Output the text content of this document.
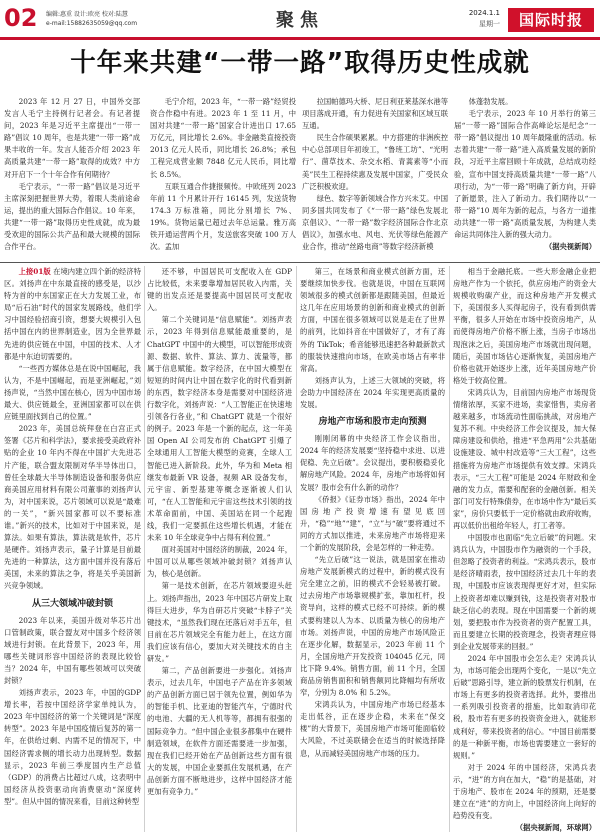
02 编辑:惠重 设计:欧亮 校对:陆慧
e-mail:15882635059@qq.com	聚焦	2024.1.1
星期一	国际时报
十年来共建“一带一路”取得历史性成就

2023 年 12 月 27 日，中国外交部发言人毛宁主持例行记者会。有记者提问，2023 年是习近平主席提出“一带一路”倡议 10 周年，也是共建“一带一路”成果丰收的一年。发言人能否介绍 2023 年高质量共建“一带一路”取得的成效？中方对开启下一个十年合作有何期待？

毛宁表示，“一带一路”倡议是习近平主席深刻把握世界大势，着眼人类前途命运，提出的重大国际合作倡议。10 年来，共建“一带一路”取得历史性成就，成为最受欢迎的国际公共产品和最大规模的国际合作平台。

毛宁介绍，2023 年，“一带一路”经贸投资合作稳中有进。2023 年 1 至 11 月，中国对共建“一带一路”国家合计进出口 17.65 万亿元，同比增长 2.6%。非金融类直接投资 2013 亿元人民币，同比增长 26.8%；承包工程完成营业额 7848 亿元人民币，同比增长 8.5%。

互联互通合作捷报频传。中欧班列 2023 年前 11 个月累计开行 16145 列，发送货物 174.3 万标准箱，同比分别增长 7%、19%。货物运量已超过去年总运量。雅万高铁开通运营两个月，发送旅客突破 100 万人次。孟加

拉国帕德玛大桥、尼日利亚莱基深水港等项目落成开通，有力促进有关国家和区域互联互通。

民生合作硕果累累。中方搭建的非洲疾控中心总部项目年初竣工，“鲁班工坊”、“光明行”、菌草技术、杂交水稻、青蒿素等“小而美”民生工程持续惠及发展中国家，广受民众广泛积极欢迎。

绿色、数字等新领域合作方兴未艾。中国同多国共同发布了《“一带一路”绿色发展北京倡议》、“一带一路”数字经济国际合作北京倡议》，加强水电、风电、光伏等绿色能源产业合作，推动“丝路电商”等数字经济新模

体蓬勃发展。

毛宁表示，2023 年 10 月举行的第三届“一带一路”国际合作高峰论坛是纪念“一带一路”倡议提出 10 周年最隆重的活动。标志着共建“一带一路”进入高质量发展的新阶段，习近平主席回顾十年成就，总结成功经验，宣布中国支持高质量共建“一带一路”八项行动，为“一带一路”明确了新方向，开辟了新愿景，注入了新动力。我们期待以“一带一路”10 周年为新的起点，与各方一道推动共建“一带一路”高质量发展，为构建人类命运共同体注入新的强大动力。

（据央视新闻）

上接01版 在境内建立四个新的经济特区。刘扬声在中东最直接的感受是，以沙特为首的中东国家正在大力发展工业，布局“后石油”时代的国家发展路线，他们学习中国经验招商引资，想要大规模引入包括中国在内的世界制造业，因为全世界最先进的供应链在中国，中国的技术、人才都是中东迫切需要的。

“一些西方媒体总是在说中国崛起，我认为，不是中国崛起，而是亚洲崛起，”刘扬声说，“当然中国在核心，因为中国市场最大、供应链最全，亚洲国家都可以在供应链里面找到自己的位置。”

2023 年，美国总统拜登在白宫正式签署《芯片和科学法》，要求接受美政府补贴的企业 10 年内不得在中国扩大先进芯片产能，联合盟友限制对华半导体出口，曾任全球最大半导体制造设备和服务供应商美国应用材料有限公司董事的刘扬声认为，对中国来说，芯片领域可以说是“最难的一关”，“新兴国家都可以不要标准谁。”新兴的技术，比如对于中国来说，是算法。如果有算法，算法就是软件，芯片是硬件。刘扬声表示，量子计算是目前最先进的一种算法，这方面中国并没有落后美国，未来的算法之争，将是关乎美国新兴竞争领域。

从三大领域冲破封锁

2023 年以来，美国升级对华芯片出口管制政策，联合盟友对中国多个经济领域进行封锁。在此背景下，2023 年，用哪些关键词形容中国经济的表现比较恰当？2024 年，中国有哪些领域可以突破封锁？

刘扬声表示，2023 年，中国的GDP 增长率，若按中国经济学家单纯认为，2023 年中国经济的第一个关键词是“深度转型”。2023 年是中国疫情后复苏的第一年，在供给过剩、内需不足的情况下，中国经济需求侧的增长动力出现转型。数据显示，2023 年前三季度国内生产总值（GDP）的消费占比超过八成，这表明中国经济从投资驱动向消费驱动“深度转型”。但从中国的情况来看，目前这种转型

还不够，中国居民可支配收入在 GDP 占比较低，未来要靠增加居民收入内需，关键的出发点还是要提高中国居民可支配收入。

第二个关键词是“信息赋能”。刘扬声表示，2023 年得到信息赋能最重要的，是 ChatGPT 中国中的大模型，可以智能形成资源、数据、软件、算法、算力、流量等，都属于信息赋能。数字经济，在中国大模型在短短的时间内让中国在数字化的时代看到新的东西，数字经济本身是需要对中国经济进行数字化，刘扬声说：“人工智能正在快速地引领各行各业，”和 ChatGPT 就是一个很好的例子。2023 年是一个新的起点，这一年美国 Open AI 公司发布的 ChatGPT 引爆了全球通用人工智能大模型的竞赛，全球人工智能已进入新阶段。此外，华为和 Meta 相继发布最新 VR 设备，视频 AR 设备发布，元宇宙、新型基建等概念逐渐被人们认可，“在人工智能和元宇宙这些技术引领的技术革命面前，中国、美国站在同一个起跑线，我们一定要抓住这些增长机遇，才能在未来 10 年全球竞争中占得有利位置。”

面对美国对中国经济的制裁，2024 年，中国可以从哪些领域冲破封锁？刘扬声认为，核心是创新。

第一是技术创新，在芯片领域要迎头赶上。刘扬声指出，2023 年中国芯片研发上取得巨大进步，华为自研芯片突破“卡脖子”关键技术，“虽然我们现在还落后对手五年，但目前在芯片领域完全有能力赶上，在这方面我们应该有信心，要加大对关键技术的自主研发。”

第二，产品创新要进一步强化。刘扬声表示，过去几年，中国电子产品在许多领域的产品创新方面已居于领先位置，例如华为的智能手机、比亚迪的智能汽车，宁德时代的电池、大疆的无人机等等，都拥有很强的国际竞争力。“但中国企业很多都集中在硬件制造领域，在软件方面还需要进一步加强，现在我们已经开始在产品创新这些方面有很大的发展，中国企业要抓住发展机遇，在产品创新方面不断地进步，这样中国经济才能更加有竞争力。”

第三，在场景和商业模式创新方面，还要继续加快步伐。也就是说，中国在互联网领域很多的模式创新都是跟随美国，但最近这几年在应用场景的创新和商业模式的创新方面，中国在很多领域可以说是走在了世界的前列，比如抖音在中国做好了，才有了海外的 TikTok；希音能够迅速把各种最新款式的服装快速推向市场，在欧美市场占有率非常高。

刘扬声认为，上述三大领域的突破，将会助力中国经济在 2024 年实现更高质量的发展。

房地产市场和股市走向预测

刚刚闭幕的中央经济工作会议指出，2024 年的经济发展要“坚持稳中求进、以进促稳、先立后破”。会议提出，要积极稳妥化解房地产风险。2024 年，房地产市场将如何发展？股市会有什么新的动作？

《侨报》《证券市场》指出，2024 年中国房地产投资增速有望见底回升，“稳”“地”“建”，“立”与“破”要将通过不同的方式加以推进，未来房地产市场将迎来一个新的发展阶段，会是怎样的一种走势。

“先立后破”这一说法，就是国家在推动房地产发展新模式的过程中，新的模式没有完全建立之前，旧的模式不会轻易被打破。过去房地产市场靠规模扩张，靠加杠杆，投资导向，这样的模式已经不可持续。新的模式要构建以人为本、以质量为核心的房地产市场。刘扬声说，中国的房地产市场风险正在逐步化解，数据显示，2023 年前 11 个月，全国房地产开发投资 104045 亿元，同比下降 9.4%。销售方面，前 11 个月，全国商品房销售面积和销售额同比降幅均有所收窄，分别为 8.0% 和 5.2%。

宋鸿兵认为，中国房地产市场已经基本走出低谷，正在逐步企稳，未来在“保交楼”的大背景下，美国房地产市场可能面临较大风险，不过美联储会在适当的时候选择降息，从而减轻美国房地产市场的压力。

相当于金融托底。一些大形金融企业把房地产作为一个依托，供应房地产的资金大规模收购碳产业，而这种房地产开发模式下，美国很多人买得起房子，没有看到供需平衡，很多人开始在市场中投资房地产，从而使得房地产价格不断上涨，当房子市场出现泡沫之后，美国房地产市场就出现问题，随后，美国市场估心逐渐恢复，美国房地产价格也就开始逐步上涨，近年美国房地产价格处于较高位置。

宋鸿兵认为，目前国内房地产市场现货情绪浓厚，买家不进场，卖家惜售，卖房者越来越多，市场流动性面临挑战，对房地产复苏不利。中央经济工作会议提及，加大保障房建设和供给，推进“平急两用”公共基础设施建设、城中村改造等“三大工程”，这些措施将为房地产市场提供有效支撑。宋鸿兵表示，“三大工程”可能是 2024 年财政和金融的发力点，需要和配套的金融创新。相关部门可发行特殊债券，在市场中作为“最后买家”，房价只要低于一定价格就由政府收购，再以低价出租给年轻人，打工者等。

中国股市也面临“先立后破”的问题。宋鸿兵认为，中国股市作为融资的一个手段，但忽略了投资者的利益。“宋鸿兵表示，股市是经济晴雨表，按中国经济过去几十年的表现，中国股市应该表现得更好才对，但实际上投资者却难以赚到钱，这是投资者对股市缺乏信心的表现。现在中国需要一个新的规划，要把股市作为投资者的资产配置工具，而且要建立长期的投资理念，投资者理应得到企业发展带来的回报。”

2024 年中国股市会怎么走？宋鸿兵认为，市场可能会出现两个变化，一是以“先立后破”思路引导，建立新的股票发行机制，在市场上有更多的投资者选择。此外，要推出一系列吸引投资者的措施，比如取消印花税，股市若有更多的投资资金进入，就能形成利好，带来投资者的信心。“中国目前需要的是一种新平衡，市场也需要建立一套好的规则。”

对于 2024 年的中国经济，宋鸿兵表示，“进”的方向在加大，“稳”的是基础，对于房地产、股市在 2024 年的预期，还是要建立在“进”的方向上，中国经济向上向好的趋势没有变。

（据央视新闻，环球网）
